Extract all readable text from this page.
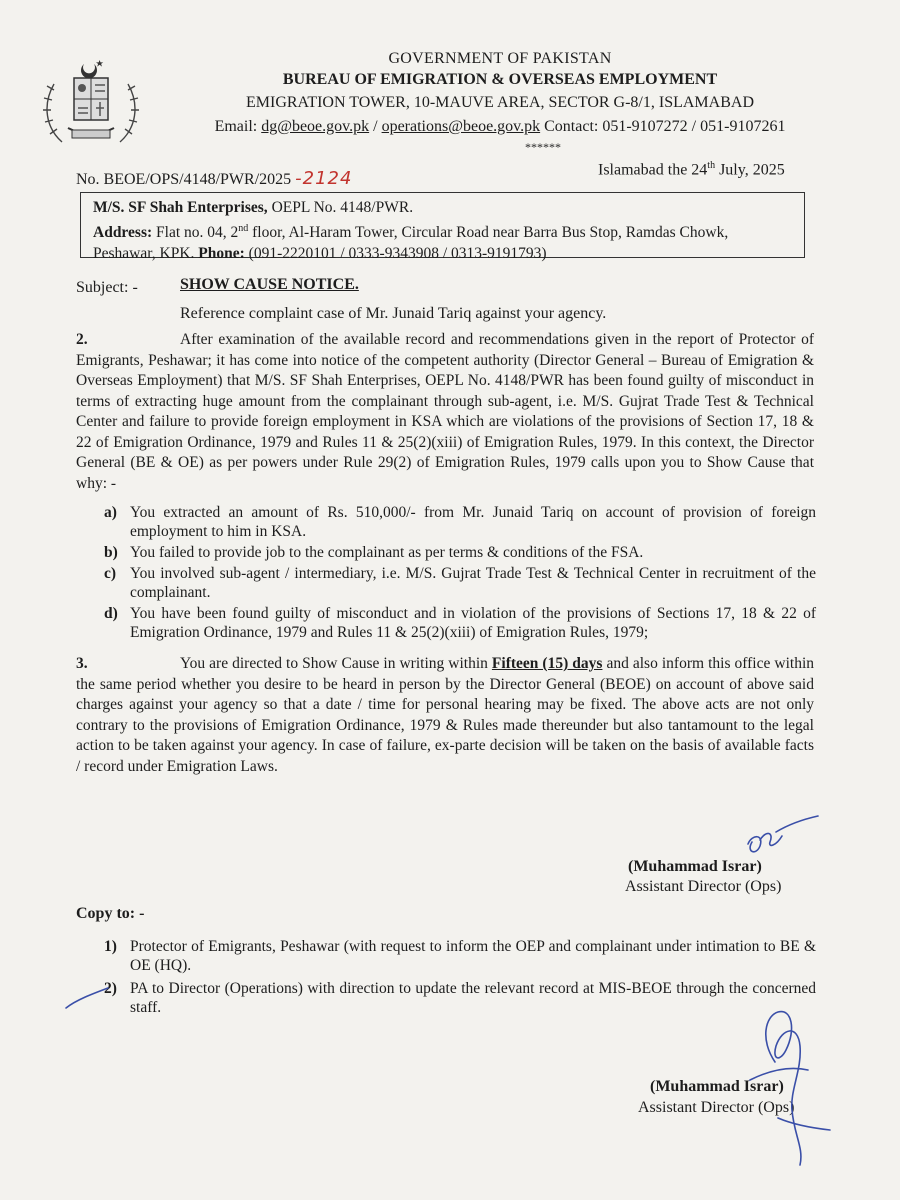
GOVERNMENT OF PAKISTAN
BUREAU OF EMIGRATION & OVERSEAS EMPLOYMENT
EMIGRATION TOWER, 10-MAUVE AREA, SECTOR G-8/1, ISLAMABAD
Email: dg@beoe.gov.pk / operations@beoe.gov.pk Contact: 051-9107272 / 051-9107261
******
No. BEOE/OPS/4148/PWR/2025 -2124	Islamabad the 24th July, 2025
M/S. SF Shah Enterprises, OEPL No. 4148/PWR.
Address: Flat no. 04, 2nd floor, Al-Haram Tower, Circular Road near Barra Bus Stop, Ramdas Chowk, Peshawar, KPK. Phone: (091-2220101 / 0333-9343908 / 0313-9191793)
Subject: -	SHOW CAUSE NOTICE.
Reference complaint case of Mr. Junaid Tariq against your agency.
2.	After examination of the available record and recommendations given in the report of Protector of Emigrants, Peshawar; it has come into notice of the competent authority (Director General – Bureau of Emigration & Overseas Employment) that M/S. SF Shah Enterprises, OEPL No. 4148/PWR has been found guilty of misconduct in terms of extracting huge amount from the complainant through sub-agent, i.e. M/S. Gujrat Trade Test & Technical Center and failure to provide foreign employment in KSA which are violations of the provisions of Section 17, 18 & 22 of Emigration Ordinance, 1979 and Rules 11 & 25(2)(xiii) of Emigration Rules, 1979. In this context, the Director General (BE & OE) as per powers under Rule 29(2) of Emigration Rules, 1979 calls upon you to Show Cause that why: -
a) You extracted an amount of Rs. 510,000/- from Mr. Junaid Tariq on account of provision of foreign employment to him in KSA.
b) You failed to provide job to the complainant as per terms & conditions of the FSA.
c) You involved sub-agent / intermediary, i.e. M/S. Gujrat Trade Test & Technical Center in recruitment of the complainant.
d) You have been found guilty of misconduct and in violation of the provisions of Sections 17, 18 & 22 of Emigration Ordinance, 1979 and Rules 11 & 25(2)(xiii) of Emigration Rules, 1979;
3.	You are directed to Show Cause in writing within Fifteen (15) days and also inform this office within the same period whether you desire to be heard in person by the Director General (BEOE) on account of above said charges against your agency so that a date / time for personal hearing may be fixed. The above acts are not only contrary to the provisions of Emigration Ordinance, 1979 & Rules made thereunder but also tantamount to the legal action to be taken against your agency. In case of failure, ex-parte decision will be taken on the basis of available facts / record under Emigration Laws.
(Muhammad Israr)
Assistant Director (Ops)
Copy to: -
1) Protector of Emigrants, Peshawar (with request to inform the OEP and complainant under intimation to BE & OE (HQ).
2) PA to Director (Operations) with direction to update the relevant record at MIS-BEOE through the concerned staff.
(Muhammad Israr)
Assistant Director (Ops)
